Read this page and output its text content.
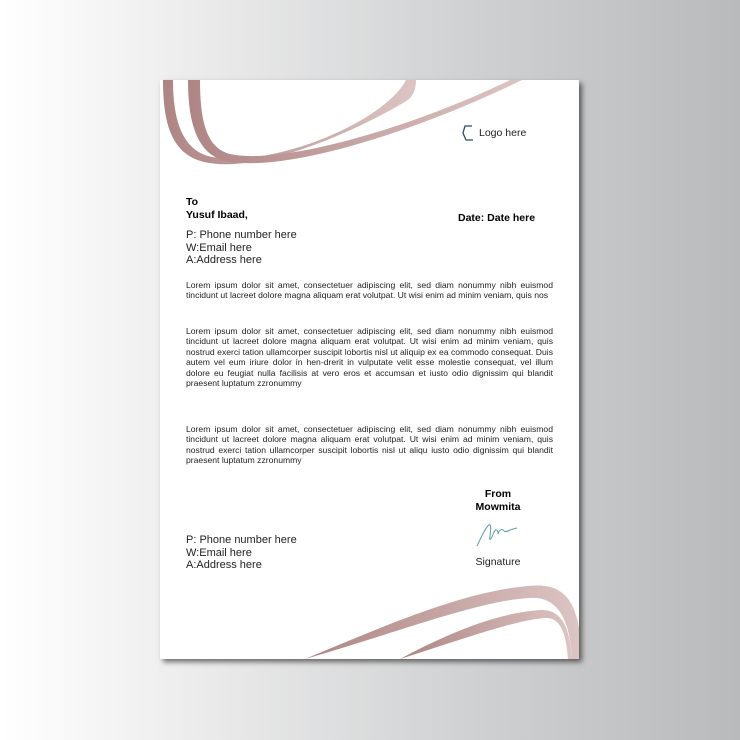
Logo here
To
Yusuf Ibaad,	Date: Date here
P: Phone number here
W:Email here
A:Address here

Lorem ipsum dolor sit amet, consectetuer adipiscing elit, sed diam nonummy nibh euismod tincidunt ut lacreet dolore magna aliquam erat volutpat. Ut wisi enim ad minim veniam, quis nos

Lorem ipsum dolor sit amet, consectetuer adipiscing elit, sed diam nonummy nibh euismod tincidunt ut lacreet dolore magna aliquam erat volutpat. Ut wisi enim ad minim veniam, quis nostrud exerci tation ullamcorper suscipit lobortis nisl ut aliquip ex ea commodo consequat. Duis autem vel eum iriure dolor in hen-drerit in vulputate velit esse molestie consequat, vel illum dolore eu feugiat nulla facilisis at vero eros et accumsan et iusto odio dignissim qui blandit praesent luptatum zzronummy

Lorem ipsum dolor sit amet, consectetuer adipiscing elit, sed diam nonummy nibh euismod tincidunt ut lacreet dolore magna aliquam erat volutpat. Ut wisi enim ad minim veniam, quis nostrud exerci tation ullamcorper suscipit lobortis nisl ut aliqu iusto odio dignissim qui blandit praesent luptatum zzronummy

From
Mowmita
Signature
P: Phone number here
W:Email here
A:Address here
